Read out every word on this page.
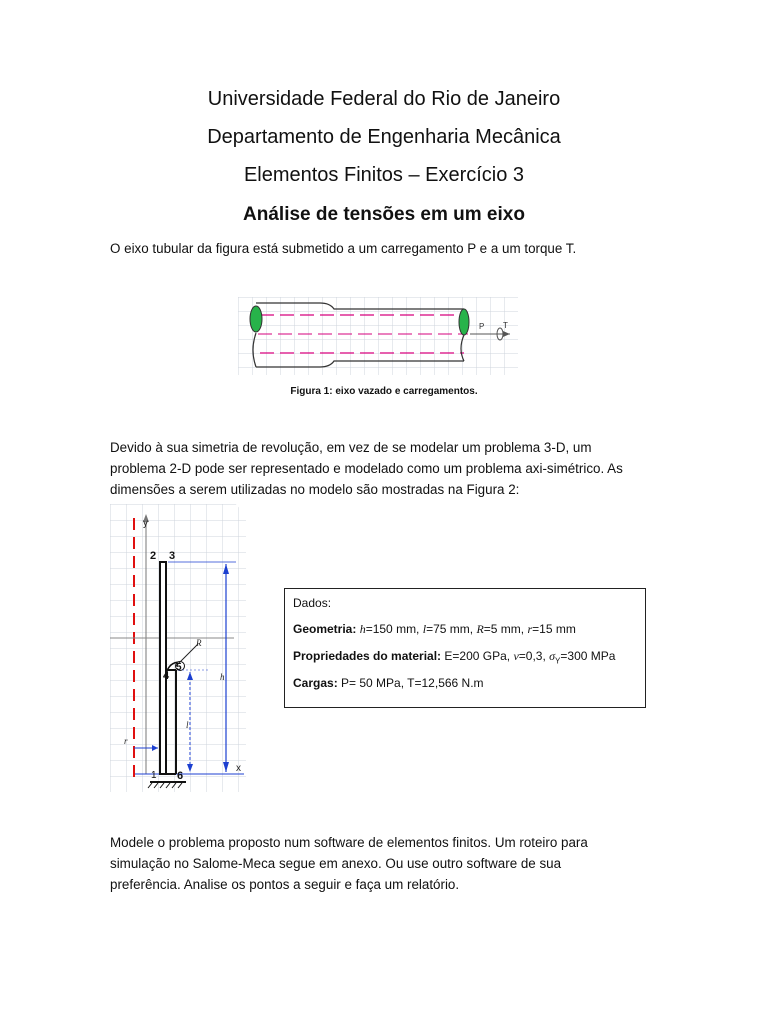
Universidade Federal do Rio de Janeiro
Departamento de Engenharia Mecânica
Elementos Finitos – Exercício 3
Análise de tensões em um eixo
O eixo tubular da figura está submetido a um carregamento P e a um torque T.
P T
Figura 1: eixo vazado e carregamentos.
Devido à sua simetria de revolução, em vez de se modelar um problema 3-D, um
problema 2-D pode ser representado e modelado como um problema axi-simétrico. As
dimensões a serem utilizadas no modelo são mostradas na Figura 2:
y
x
R
h
l
r
2 3
4
5
1 6
Dados:
Geometria: h=150 mm, l=75 mm, R=5 mm, r=15 mm
Propriedades do material: E=200 GPa, ν=0,3, $\sigma_Y=300$ MPa
Cargas: P= 50 MPa, T=12,566 N.m
Modele o problema proposto num software de elementos finitos. Um roteiro para
simulação no Salome-Meca segue em anexo. Ou use outro software de sua
preferência. Analise os pontos a seguir e faça um relatório.
